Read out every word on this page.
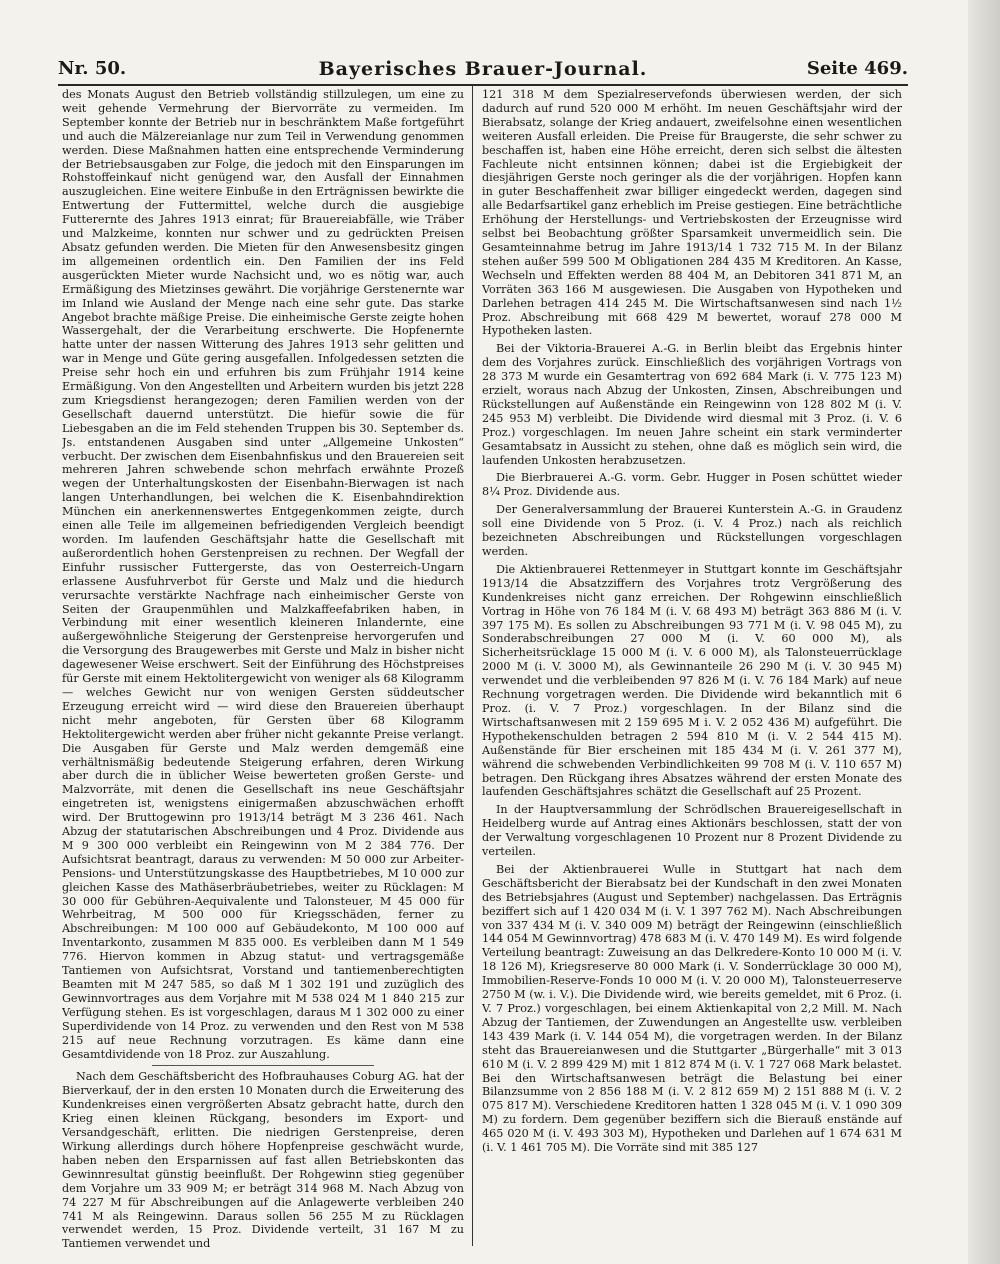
Nr. 50.	Bayerisches Brauer-Journal.	Seite 469.

des Monats August den Betrieb vollständig stillzulegen, um eine zu weit gehende Vermehrung der Biervorräte zu vermeiden. Im September konnte der Betrieb nur in beschränktem Maße fortgeführt und auch die Mälzereianlage nur zum Teil in Verwendung genommen werden. Diese Maßnahmen hatten eine entsprechende Verminderung der Betriebsausgaben zur Folge, die jedoch mit den Einsparungen im Rohstoffeinkauf nicht genügend war, den Ausfall der Einnahmen auszugleichen. Eine weitere Einbuße in den Erträgnissen bewirkte die Entwertung der Futtermittel, welche durch die ausgiebige Futterernte des Jahres 1913 einrat; für Brauereiabfälle, wie Träber und Malzkeime, konnten nur schwer und zu gedrückten Preisen Absatz gefunden werden. Die Mieten für den Anwesensbesitz gingen im allgemeinen ordentlich ein. Den Familien der ins Feld ausgerückten Mieter wurde Nachsicht und, wo es nötig war, auch Ermäßigung des Mietzinses gewährt. Die vorjährige Gerstenernte war im Inland wie Ausland der Menge nach eine sehr gute. Das starke Angebot brachte mäßige Preise. Die einheimische Gerste zeigte hohen Wassergehalt, der die Verarbeitung erschwerte. Die Hopfenernte hatte unter der nassen Witterung des Jahres 1913 sehr gelitten und war in Menge und Güte gering ausgefallen. Infolgedessen setzten die Preise sehr hoch ein und erfuhren bis zum Frühjahr 1914 keine Ermäßigung. Von den Angestellten und Arbeitern wurden bis jetzt 228 zum Kriegsdienst herangezogen; deren Familien werden von der Gesellschaft dauernd unterstützt. Die hiefür sowie die für Liebesgaben an die im Feld stehenden Truppen bis 30. September ds. Js. entstandenen Ausgaben sind unter „Allgemeine Unkosten“ verbucht. Der zwischen dem Eisenbahnfiskus und den Brauereien seit mehreren Jahren schwebende schon mehrfach erwähnte Prozeß wegen der Unterhaltungskosten der Eisenbahn-Bierwagen ist nach langen Unterhandlungen, bei welchen die K. Eisenbahndirektion München ein anerkennenswertes Entgegenkommen zeigte, durch einen alle Teile im allgemeinen befriedigenden Vergleich beendigt worden. Im laufenden Geschäftsjahr hatte die Gesellschaft mit außerordentlich hohen Gerstenpreisen zu rechnen. Der Wegfall der Einfuhr russischer Futtergerste, das von Oesterreich-Ungarn erlassene Ausfuhrverbot für Gerste und Malz und die hiedurch verursachte verstärkte Nachfrage nach einheimischer Gerste von Seiten der Graupenmühlen und Malzkaffeefabriken haben, in Verbindung mit einer wesentlich kleineren Inlandernte, eine außergewöhnliche Steigerung der Gerstenpreise hervorgerufen und die Versorgung des Braugewerbes mit Gerste und Malz in bisher nicht dagewesener Weise erschwert. Seit der Einführung des Höchstpreises für Gerste mit einem Hektolitergewicht von weniger als 68 Kilogramm — welches Gewicht nur von wenigen Gersten süddeutscher Erzeugung erreicht wird — wird diese den Brauereien überhaupt nicht mehr angeboten, für Gersten über 68 Kilogramm Hektolitergewicht werden aber früher nicht gekannte Preise verlangt. Die Ausgaben für Gerste und Malz werden demgemäß eine verhältnismäßig bedeutende Steigerung erfahren, deren Wirkung aber durch die in üblicher Weise bewerteten großen Gerste- und Malzvorräte, mit denen die Gesellschaft ins neue Geschäftsjahr eingetreten ist, wenigstens einigermaßen abzuschwächen erhofft wird. Der Bruttogewinn pro 1913/14 beträgt M 3 236 461. Nach Abzug der statutarischen Abschreibungen und 4 Proz. Dividende aus M 9 300 000 verbleibt ein Reingewinn von M 2 384 776. Der Aufsichtsrat beantragt, daraus zu verwenden: M 50 000 zur Arbeiter-Pensions- und Unterstützungskasse des Hauptbetriebes, M 10 000 zur gleichen Kasse des Mathäserbräubetriebes, weiter zu Rücklagen: M 30 000 für Gebühren-Aequivalente und Talonsteuer, M 45 000 für Wehrbeitrag, M 500 000 für Kriegsschäden, ferner zu Abschreibungen: M 100 000 auf Gebäudekonto, M 100 000 auf Inventarkonto, zusammen M 835 000. Es verbleiben dann M 1 549 776. Hiervon kommen in Abzug statut- und vertragsgemäße Tantiemen von Aufsichtsrat, Vorstand und tantiemenberechtigten Beamten mit M 247 585, so daß M 1 302 191 und zuzüglich des Gewinnvortrages aus dem Vorjahre mit M 538 024 M 1 840 215 zur Verfügung stehen. Es ist vorgeschlagen, daraus M 1 302 000 zu einer Superdividende von 14 Proz. zu verwenden und den Rest von M 538 215 auf neue Rechnung vorzutragen. Es käme dann eine Gesamtdividende von 18 Proz. zur Auszahlung.

Nach dem Geschäftsbericht des Hofbrauhauses Coburg AG. hat der Bierverkauf, der in den ersten 10 Monaten durch die Erweiterung des Kundenkreises einen vergrößerten Absatz gebracht hatte, durch den Krieg einen kleinen Rückgang, besonders im Export- und Versandgeschäft, erlitten. Die niedrigen Gerstenpreise, deren Wirkung allerdings durch höhere Hopfenpreise geschwächt wurde, haben neben den Ersparnissen auf fast allen Betriebskonten das Gewinnresultat günstig beeinflußt. Der Rohgewinn stieg gegenüber dem Vorjahre um 33 909 M; er beträgt 314 968 M. Nach Abzug von 74 227 M für Abschreibungen auf die Anlagewerte verbleiben 240 741 M als Reingewinn. Daraus sollen 56 255 M zu Rücklagen verwendet werden, 15 Proz. Dividende verteilt, 31 167 M zu Tantiemen verwendet und

121 318 M dem Spezialreservefonds überwiesen werden, der sich dadurch auf rund 520 000 M erhöht. Im neuen Geschäftsjahr wird der Bierabsatz, solange der Krieg andauert, zweifelsohne einen wesentlichen weiteren Ausfall erleiden. Die Preise für Braugerste, die sehr schwer zu beschaffen ist, haben eine Höhe erreicht, deren sich selbst die ältesten Fachleute nicht entsinnen können; dabei ist die Ergiebigkeit der diesjährigen Gerste noch geringer als die der vorjährigen. Hopfen kann in guter Beschaffenheit zwar billiger eingedeckt werden, dagegen sind alle Bedarfsartikel ganz erheblich im Preise gestiegen. Eine beträchtliche Erhöhung der Herstellungs- und Vertriebskosten der Erzeugnisse wird selbst bei Beobachtung größter Sparsamkeit unvermeidlich sein. Die Gesamteinnahme betrug im Jahre 1913/14 1 732 715 M. In der Bilanz stehen außer 599 500 M Obligationen 284 435 M Kreditoren. An Kasse, Wechseln und Effekten werden 88 404 M, an Debitoren 341 871 M, an Vorräten 363 166 M ausgewiesen. Die Ausgaben von Hypotheken und Darlehen betragen 414 245 M. Die Wirtschaftsanwesen sind nach 1½ Proz. Abschreibung mit 668 429 M bewertet, worauf 278 000 M Hypotheken lasten.

Bei der Viktoria-Brauerei A.-G. in Berlin bleibt das Ergebnis hinter dem des Vorjahres zurück. Einschließlich des vorjährigen Vortrags von 28 373 M wurde ein Gesamtertrag von 692 684 Mark (i. V. 775 123 M) erzielt, woraus nach Abzug der Unkosten, Zinsen, Abschreibungen und Rückstellungen auf Außenstände ein Reingewinn von 128 802 M (i. V. 245 953 M) verbleibt. Die Dividende wird diesmal mit 3 Proz. (i. V. 6 Proz.) vorgeschlagen. Im neuen Jahre scheint ein stark verminderter Gesamtabsatz in Aussicht zu stehen, ohne daß es möglich sein wird, die laufenden Unkosten herabzusetzen.

Die Bierbrauerei A.-G. vorm. Gebr. Hugger in Posen schüttet wieder 8¼ Proz. Dividende aus.

Der Generalversammlung der Brauerei Kunterstein A.-G. in Graudenz soll eine Dividende von 5 Proz. (i. V. 4 Proz.) nach als reichlich bezeichneten Abschreibungen und Rückstellungen vorgeschlagen werden.

Die Aktienbrauerei Rettenmeyer in Stuttgart konnte im Geschäftsjahr 1913/14 die Absatzziffern des Vorjahres trotz Vergrößerung des Kundenkreises nicht ganz erreichen. Der Rohgewinn einschließlich Vortrag in Höhe von 76 184 M (i. V. 68 493 M) beträgt 363 886 M (i. V. 397 175 M). Es sollen zu Abschreibungen 93 771 M (i. V. 98 045 M), zu Sonderabschreibungen 27 000 M (i. V. 60 000 M), als Sicherheitsrücklage 15 000 M (i. V. 6 000 M), als Talonsteuerrücklage 2000 M (i. V. 3000 M), als Gewinnanteile 26 290 M (i. V. 30 945 M) verwendet und die verbleibenden 97 826 M (i. V. 76 184 Mark) auf neue Rechnung vorgetragen werden. Die Dividende wird bekanntlich mit 6 Proz. (i. V. 7 Proz.) vorgeschlagen. In der Bilanz sind die Wirtschaftsanwesen mit 2 159 695 M i. V. 2 052 436 M) aufgeführt. Die Hypothekenschulden betragen 2 594 810 M (i. V. 2 544 415 M). Außenstände für Bier erscheinen mit 185 434 M (i. V. 261 377 M), während die schwebenden Verbindlichkeiten 99 708 M (i. V. 110 657 M) betragen. Den Rückgang ihres Absatzes während der ersten Monate des laufenden Geschäftsjahres schätzt die Gesellschaft auf 25 Prozent.

In der Hauptversammlung der Schrödlschen Brauereigesellschaft in Heidelberg wurde auf Antrag eines Aktionärs beschlossen, statt der von der Verwaltung vorgeschlagenen 10 Prozent nur 8 Prozent Dividende zu verteilen.

Bei der Aktienbrauerei Wulle in Stuttgart hat nach dem Geschäftsbericht der Bierabsatz bei der Kundschaft in den zwei Monaten des Betriebsjahres (August und September) nachgelassen. Das Erträgnis beziffert sich auf 1 420 034 M (i. V. 1 397 762 M). Nach Abschreibungen von 337 434 M (i. V. 340 009 M) beträgt der Reingewinn (einschließlich 144 054 M Gewinnvortrag) 478 683 M (i. V. 470 149 M). Es wird folgende Verteilung beantragt: Zuweisung an das Delkredere-Konto 10 000 M (i. V. 18 126 M), Kriegsreserve 80 000 Mark (i. V. Sonderrücklage 30 000 M), Immobilien-Reserve-Fonds 10 000 M (i. V. 20 000 M), Talonsteuerreserve 2750 M (w. i. V.). Die Dividende wird, wie bereits gemeldet, mit 6 Proz. (i. V. 7 Proz.) vorgeschlagen, bei einem Aktienkapital von 2,2 Mill. M. Nach Abzug der Tantiemen, der Zuwendungen an Angestellte usw. verbleiben 143 439 Mark (i. V. 144 054 M), die vorgetragen werden. In der Bilanz steht das Brauereianwesen und die Stuttgarter „Bürgerhalle“ mit 3 013 610 M (i. V. 2 899 429 M) mit 1 812 874 M (i. V. 1 727 068 Mark belastet. Bei den Wirtschaftsanwesen beträgt die Belastung bei einer Bilanzsumme von 2 856 188 M (i. V. 2 812 659 M) 2 151 888 M (i. V. 2 075 817 M). Verschiedene Kreditoren hatten 1 328 045 M (i. V. 1 090 309 M) zu fordern. Dem gegenüber beziffern sich die Bierauß enstände auf 465 020 M (i. V. 493 303 M), Hypotheken und Darlehen auf 1 674 631 M (i. V. 1 461 705 M). Die Vorräte sind mit 385 127
